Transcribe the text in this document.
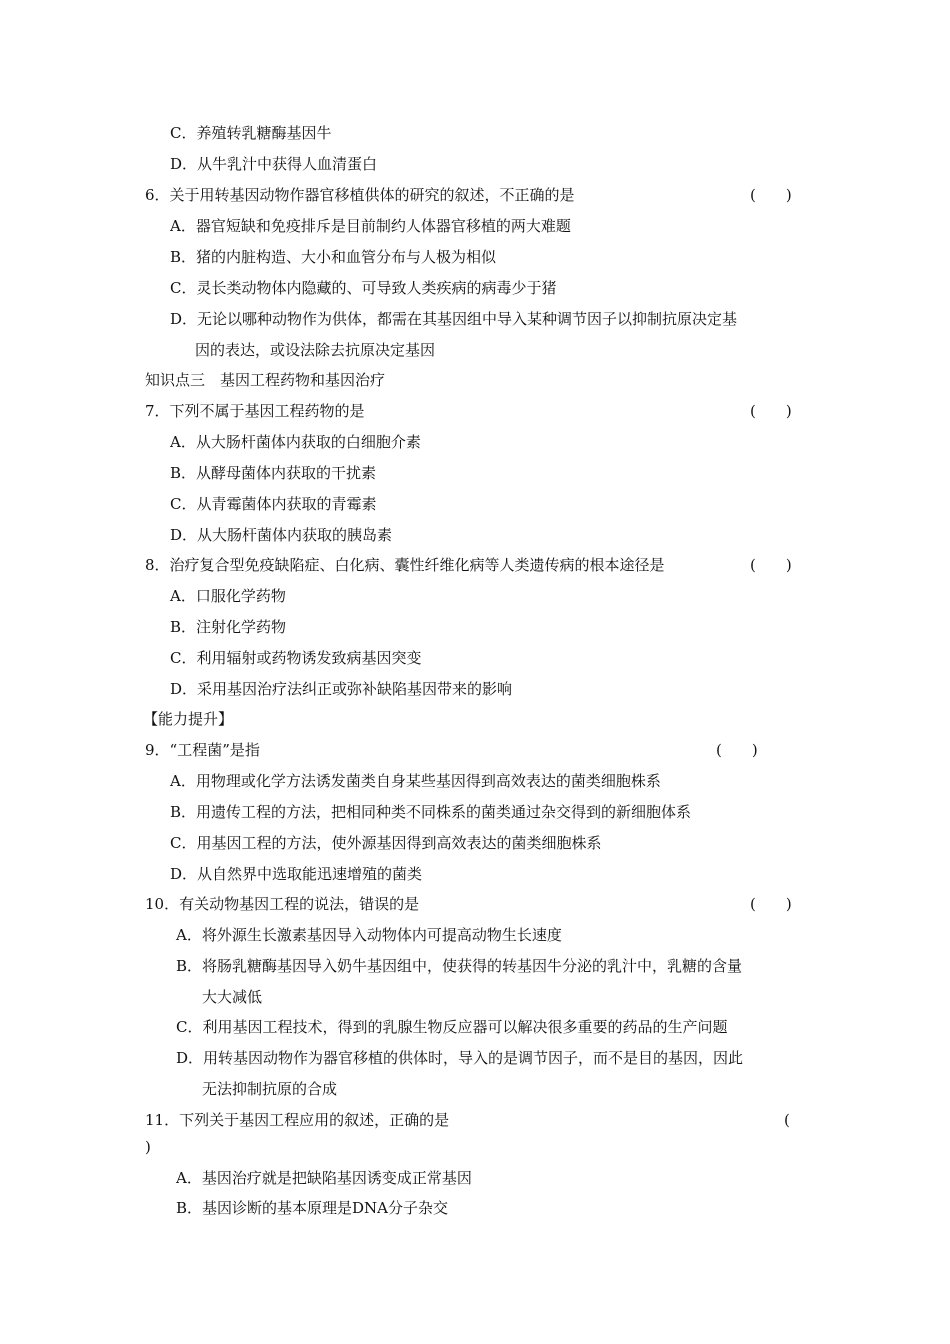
C．养殖转乳糖酶基因牛
D．从牛乳汁中获得人血清蛋白
6．关于用转基因动物作器官移植供体的研究的叙述，不正确的是	(　　)
A．器官短缺和免疫排斥是目前制约人体器官移植的两大难题
B．猪的内脏构造、大小和血管分布与人极为相似
C．灵长类动物体内隐藏的、可导致人类疾病的病毒少于猪
D．无论以哪种动物作为供体，都需在其基因组中导入某种调节因子以抑制抗原决定基
因的表达，或设法除去抗原决定基因
知识点三　基因工程药物和基因治疗
7．下列不属于基因工程药物的是	(　　)
A．从大肠杆菌体内获取的白细胞介素
B．从酵母菌体内获取的干扰素
C．从青霉菌体内获取的青霉素
D．从大肠杆菌体内获取的胰岛素
8．治疗复合型免疫缺陷症、白化病、囊性纤维化病等人类遗传病的根本途径是	(　　)
A．口服化学药物
B．注射化学药物
C．利用辐射或药物诱发致病基因突变
D．采用基因治疗法纠正或弥补缺陷基因带来的影响
【能力提升】
9．“工程菌”是指	(　　)
A．用物理或化学方法诱发菌类自身某些基因得到高效表达的菌类细胞株系
B．用遗传工程的方法，把相同种类不同株系的菌类通过杂交得到的新细胞体系
C．用基因工程的方法，使外源基因得到高效表达的菌类细胞株系
D．从自然界中选取能迅速增殖的菌类
10．有关动物基因工程的说法，错误的是	(　　)
A．将外源生长激素基因导入动物体内可提高动物生长速度
B．将肠乳糖酶基因导入奶牛基因组中，使获得的转基因牛分泌的乳汁中，乳糖的含量
大大减低
C．利用基因工程技术，得到的乳腺生物反应器可以解决很多重要的药品的生产问题
D．用转基因动物作为器官移植的供体时，导入的是调节因子，而不是目的基因，因此
无法抑制抗原的合成
11．下列关于基因工程应用的叙述，正确的是	(
)
A．基因治疗就是把缺陷基因诱变成正常基因
B．基因诊断的基本原理是DNA分子杂交
